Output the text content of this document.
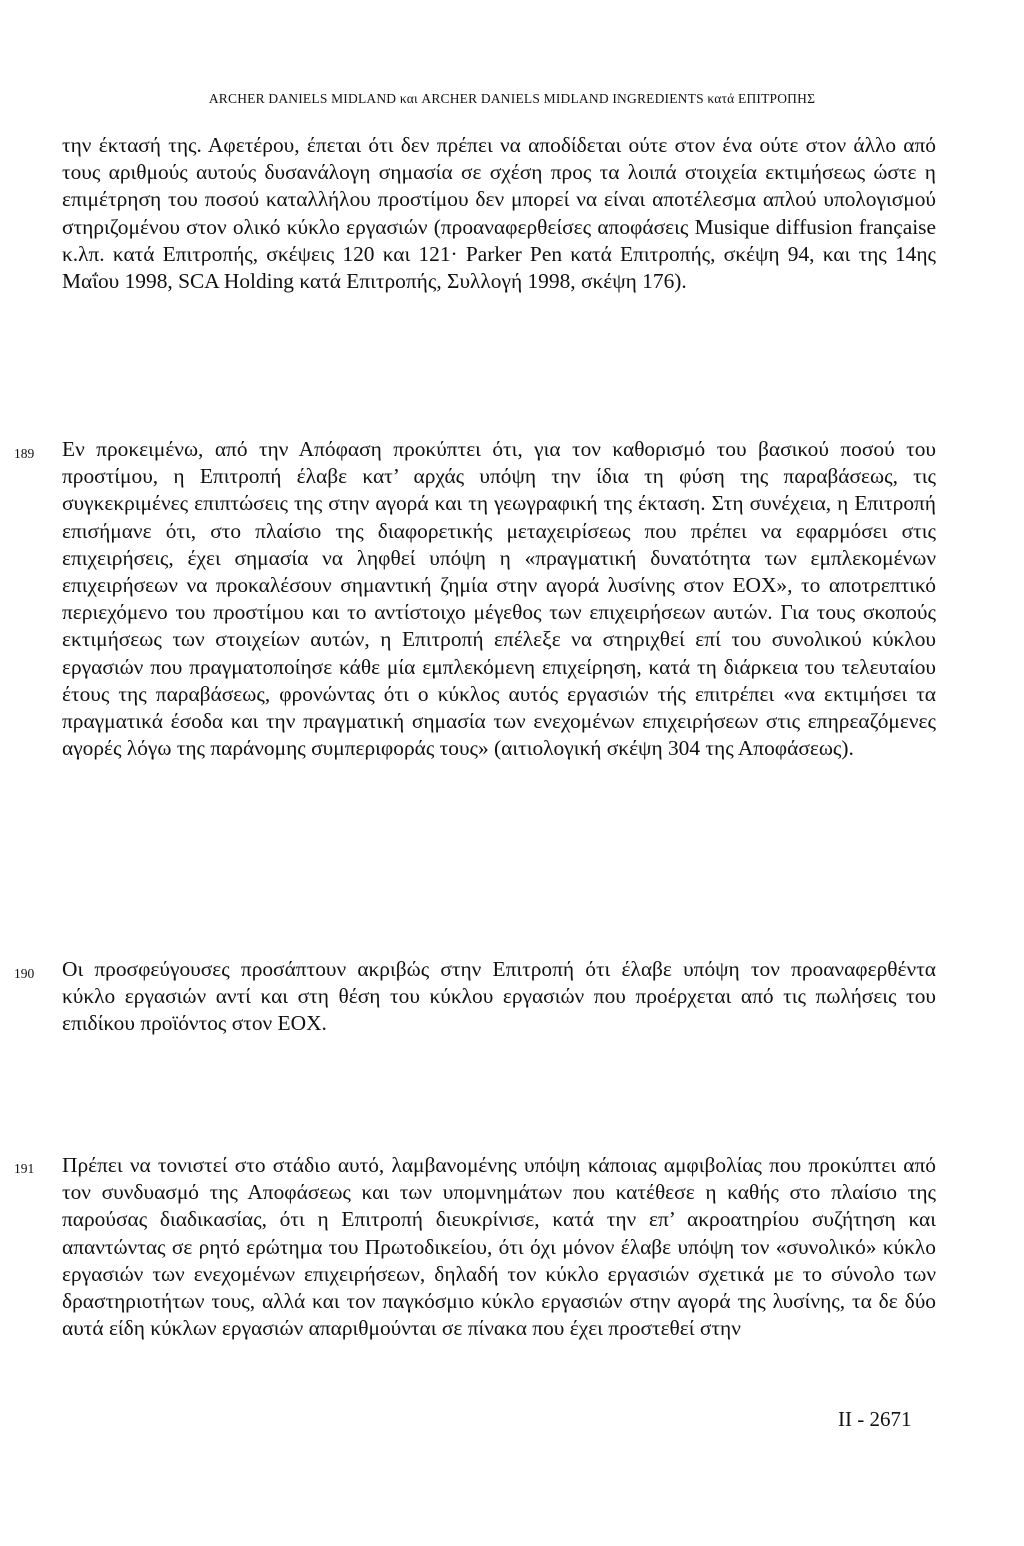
ARCHER DANIELS MIDLAND και ARCHER DANIELS MIDLAND INGREDIENTS κατά ΕΠΙΤΡΟΠΗΣ
την έκτασή της. Αφετέρου, έπεται ότι δεν πρέπει να αποδίδεται ούτε στον ένα ούτε στον άλλο από τους αριθμούς αυτούς δυσανάλογη σημασία σε σχέση προς τα λοιπά στοιχεία εκτιμήσεως ώστε η επιμέτρηση του ποσού καταλλήλου προστίμου δεν μπορεί να είναι αποτέλεσμα απλού υπολογισμού στηριζομένου στον ολικό κύκλο εργασιών (προαναφερθείσες αποφάσεις Musique diffusion française κ.λπ. κατά Επιτροπής, σκέψεις 120 και 121· Parker Pen κατά Επιτροπής, σκέψη 94, και της 14ης Μαΐου 1998, SCA Holding κατά Επιτροπής, Συλλογή 1998, σκέψη 176).
189 Εν προκειμένω, από την Απόφαση προκύπτει ότι, για τον καθορισμό του βασικού ποσού του προστίμου, η Επιτροπή έλαβε κατ’ αρχάς υπόψη την ίδια τη φύση της παραβάσεως, τις συγκεκριμένες επιπτώσεις της στην αγορά και τη γεωγραφική της έκταση. Στη συνέχεια, η Επιτροπή επισήμανε ότι, στο πλαίσιο της διαφορετικής μεταχειρίσεως που πρέπει να εφαρμόσει στις επιχειρήσεις, έχει σημασία να ληφθεί υπόψη η «πραγματική δυνατότητα των εμπλεκομένων επιχειρήσεων να προκαλέσουν σημαντική ζημία στην αγορά λυσίνης στον ΕΟΧ», το αποτρεπτικό περιεχόμενο του προστίμου και το αντίστοιχο μέγεθος των επιχειρήσεων αυτών. Για τους σκοπούς εκτιμήσεως των στοιχείων αυτών, η Επιτροπή επέλεξε να στηριχθεί επί του συνολικού κύκλου εργασιών που πραγματοποίησε κάθε μία εμπλεκόμενη επιχείρηση, κατά τη διάρκεια του τελευταίου έτους της παραβάσεως, φρονώντας ότι ο κύκλος αυτός εργασιών τής επιτρέπει «να εκτιμήσει τα πραγματικά έσοδα και την πραγματική σημασία των ενεχομένων επιχειρήσεων στις επηρεαζόμενες αγορές λόγω της παράνομης συμπεριφοράς τους» (αιτιολογική σκέψη 304 της Αποφάσεως).
190 Οι προσφεύγουσες προσάπτουν ακριβώς στην Επιτροπή ότι έλαβε υπόψη τον προαναφερθέντα κύκλο εργασιών αντί και στη θέση του κύκλου εργασιών που προέρχεται από τις πωλήσεις του επιδίκου προϊόντος στον ΕΟΧ.
191 Πρέπει να τονιστεί στο στάδιο αυτό, λαμβανομένης υπόψη κάποιας αμφιβολίας που προκύπτει από τον συνδυασμό της Αποφάσεως και των υπομνημάτων που κατέθεσε η καθής στο πλαίσιο της παρούσας διαδικασίας, ότι η Επιτροπή διευκρίνισε, κατά την επ’ ακροατηρίου συζήτηση και απαντώντας σε ρητό ερώτημα του Πρωτοδικείου, ότι όχι μόνον έλαβε υπόψη τον «συνολικό» κύκλο εργασιών των ενεχομένων επιχειρήσεων, δηλαδή τον κύκλο εργασιών σχετικά με το σύνολο των δραστηριοτήτων τους, αλλά και τον παγκόσμιο κύκλο εργασιών στην αγορά της λυσίνης, τα δε δύο αυτά είδη κύκλων εργασιών απαριθμούνται σε πίνακα που έχει προστεθεί στην
II - 2671
